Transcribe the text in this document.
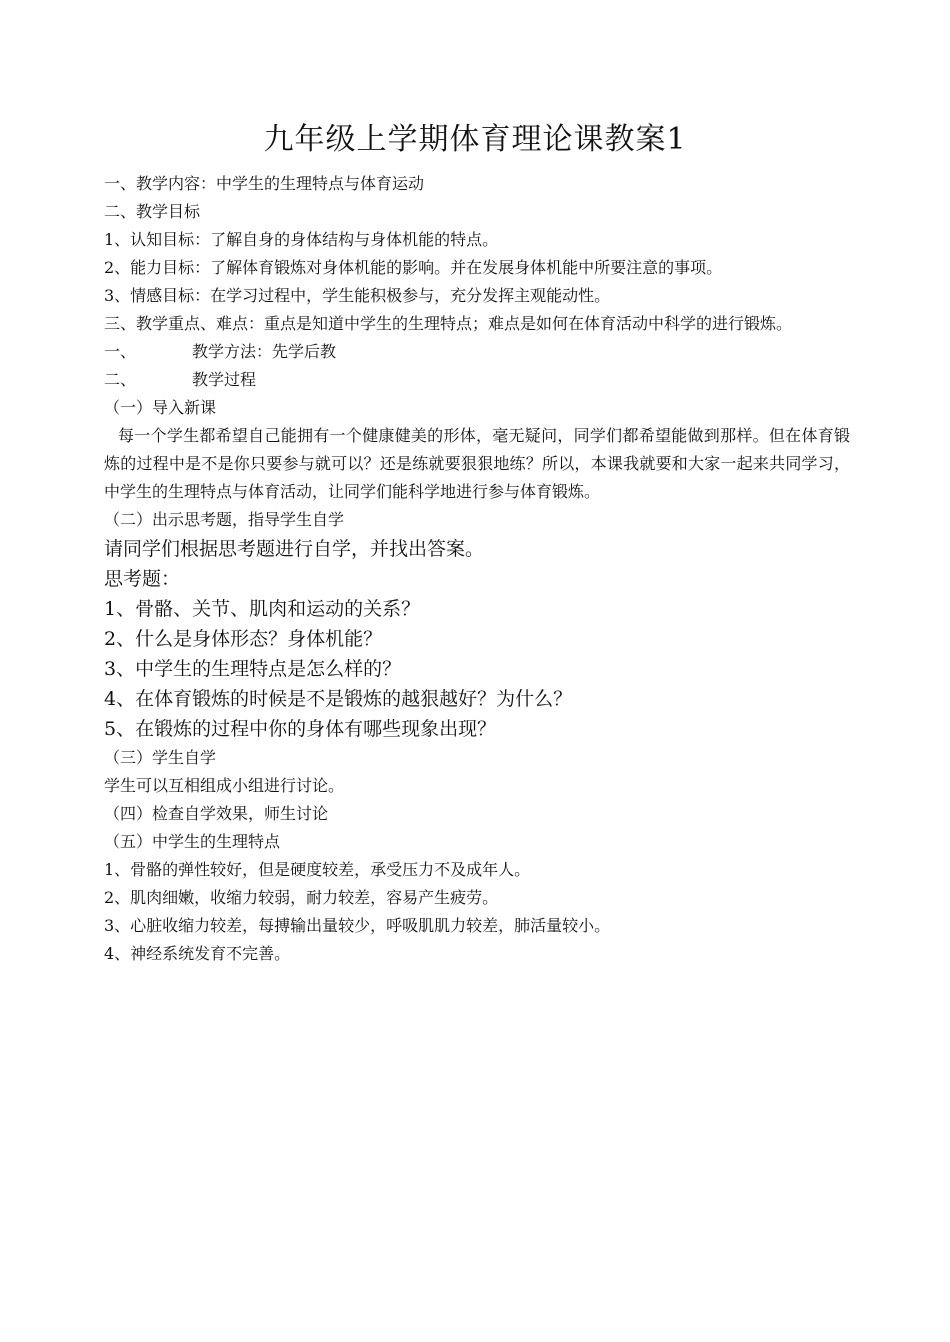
九年级上学期体育理论课教案1
一、教学内容：中学生的生理特点与体育运动
二、教学目标
1、认知目标：了解自身的身体结构与身体机能的特点。
2、能力目标：了解体育锻炼对身体机能的影响。并在发展身体机能中所要注意的事项。
3、情感目标：在学习过程中，学生能积极参与，充分发挥主观能动性。
三、教学重点、难点：重点是知道中学生的生理特点；难点是如何在体育活动中科学的进行锻炼。
一、	教学方法：先学后教
二、	教学过程
（一）导入新课
每一个学生都希望自己能拥有一个健康健美的形体，毫无疑问，同学们都希望能做到那样。但在体育锻炼的过程中是不是你只要参与就可以？还是练就要狠狠地练？所以，本课我就要和大家一起来共同学习，中学生的生理特点与体育活动，让同学们能科学地进行参与体育锻炼。
（二）出示思考题，指导学生自学
请同学们根据思考题进行自学，并找出答案。
思考题：
1、骨骼、关节、肌肉和运动的关系？
2、什么是身体形态？身体机能？
3、中学生的生理特点是怎么样的？
4、在体育锻炼的时候是不是锻炼的越狠越好？为什么？
5、在锻炼的过程中你的身体有哪些现象出现？
（三）学生自学
学生可以互相组成小组进行讨论。
（四）检查自学效果，师生讨论
（五）中学生的生理特点
1、骨骼的弹性较好，但是硬度较差，承受压力不及成年人。
2、肌肉细嫩，收缩力较弱，耐力较差，容易产生疲劳。
3、心脏收缩力较差，每搏输出量较少，呼吸肌肌力较差，肺活量较小。
4、神经系统发育不完善。
